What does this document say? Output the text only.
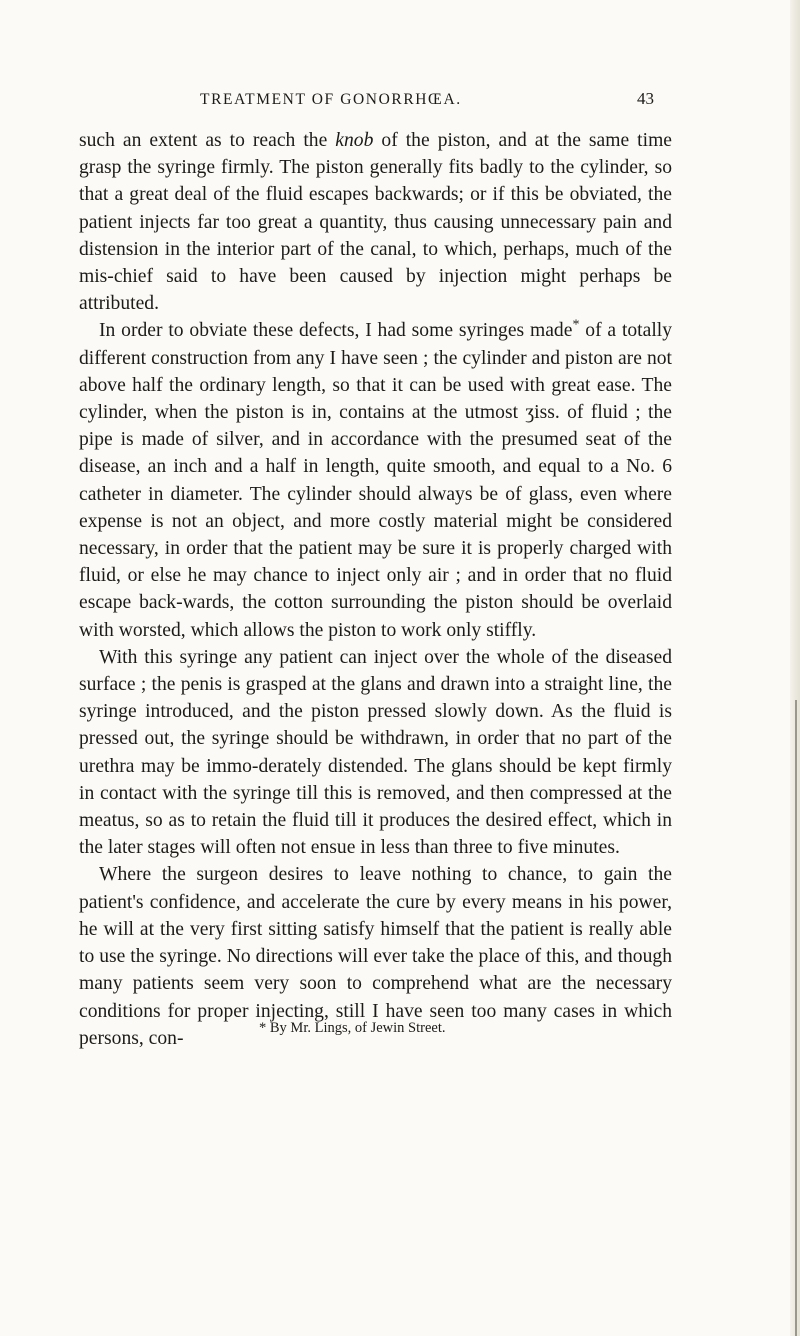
TREATMENT OF GONORRHŒA.	43

such an extent as to reach the knob of the piston, and at the same time grasp the syringe firmly. The piston generally fits badly to the cylinder, so that a great deal of the fluid escapes backwards; or if this be obviated, the patient injects far too great a quantity, thus causing unnecessary pain and distension in the interior part of the canal, to which, perhaps, much of the mis-chief said to have been caused by injection might perhaps be attributed.

In order to obviate these defects, I had some syringes made* of a totally different construction from any I have seen ; the cylinder and piston are not above half the ordinary length, so that it can be used with great ease. The cylinder, when the piston is in, contains at the utmost ʒiss. of fluid ; the pipe is made of silver, and in accordance with the presumed seat of the disease, an inch and a half in length, quite smooth, and equal to a No. 6 catheter in diameter. The cylinder should always be of glass, even where expense is not an object, and more costly material might be considered necessary, in order that the patient may be sure it is properly charged with fluid, or else he may chance to inject only air ; and in order that no fluid escape back-wards, the cotton surrounding the piston should be overlaid with worsted, which allows the piston to work only stiffly.

With this syringe any patient can inject over the whole of the diseased surface ; the penis is grasped at the glans and drawn into a straight line, the syringe introduced, and the piston pressed slowly down. As the fluid is pressed out, the syringe should be withdrawn, in order that no part of the urethra may be immo-derately distended. The glans should be kept firmly in contact with the syringe till this is removed, and then compressed at the meatus, so as to retain the fluid till it produces the desired effect, which in the later stages will often not ensue in less than three to five minutes.

Where the surgeon desires to leave nothing to chance, to gain the patient's confidence, and accelerate the cure by every means in his power, he will at the very first sitting satisfy himself that the patient is really able to use the syringe. No directions will ever take the place of this, and though many patients seem very soon to comprehend what are the necessary conditions for proper injecting, still I have seen too many cases in which persons, con-	* By Mr. Lings, of Jewin Street.
